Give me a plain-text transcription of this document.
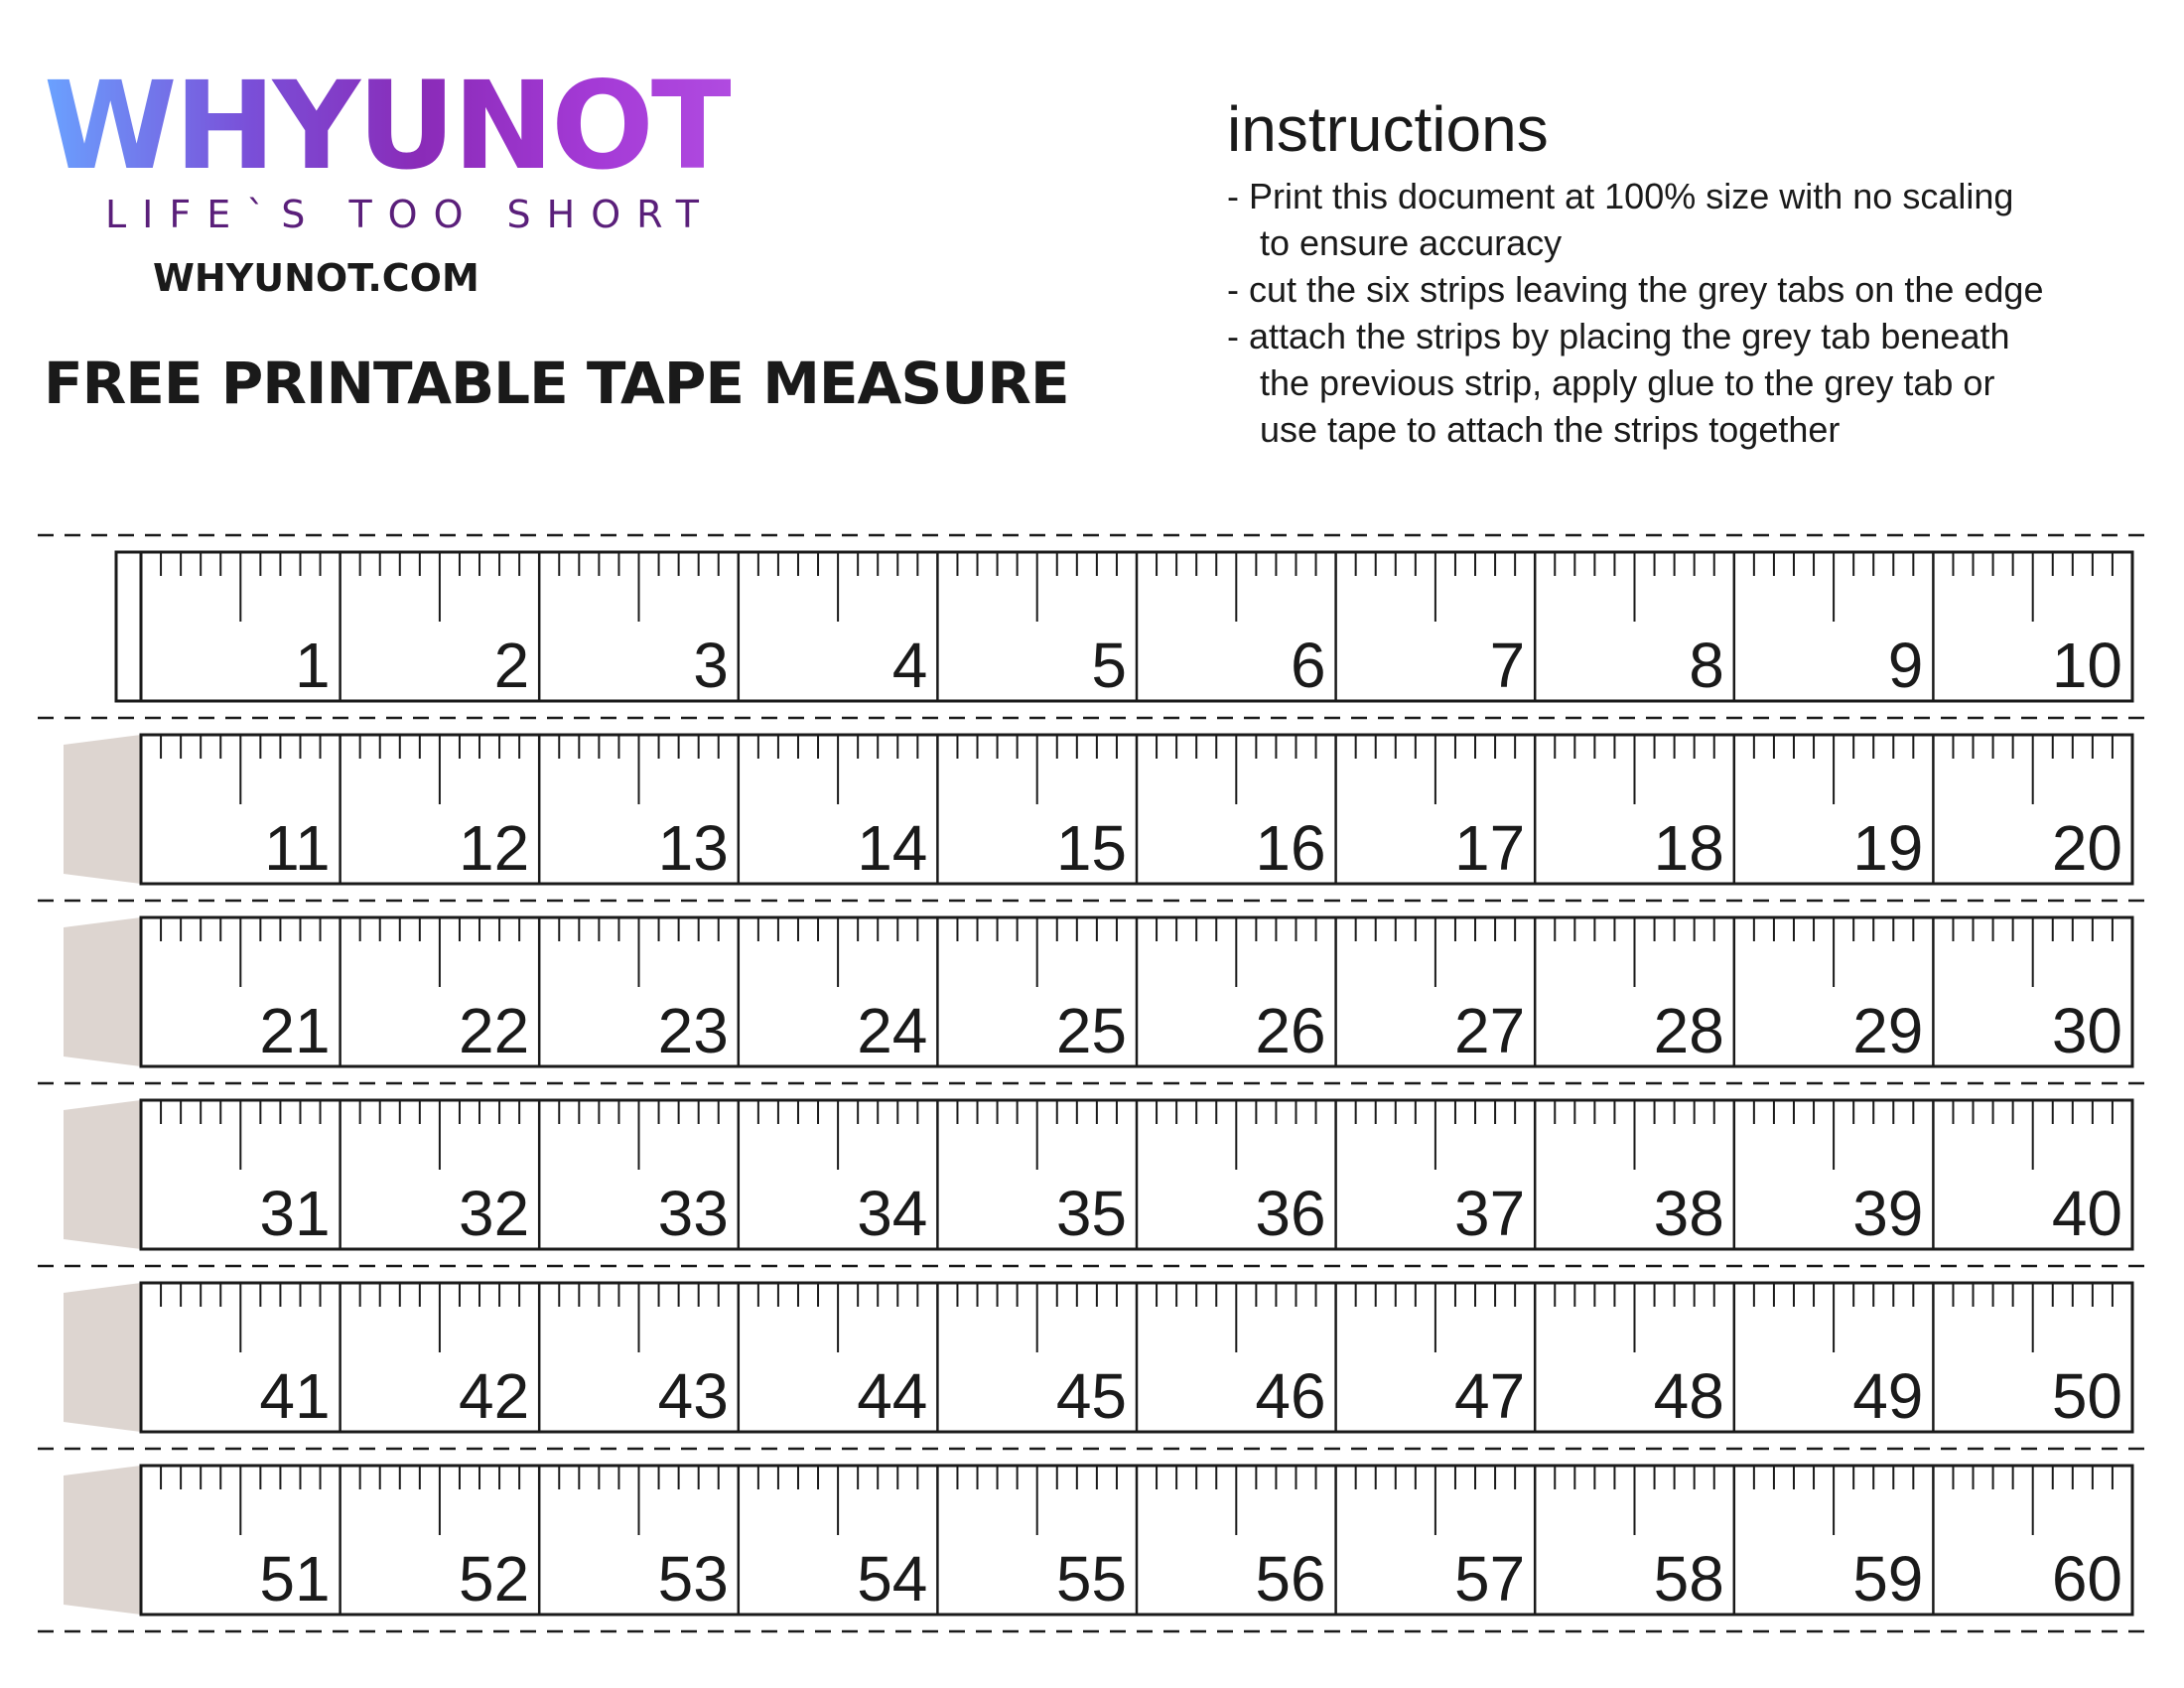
WHYUNOT
LIFE`S TOO SHORT
WHYUNOT.COM
FREE PRINTABLE TAPE MEASURE
instructions
- Print this document at 100% size with no scaling
to ensure accuracy
- cut the six strips leaving the grey tabs on the edge
- attach the strips by placing the grey tab beneath
the previous strip, apply glue to the grey tab or
use tape to attach the strips together
1	2	3	4	5	6	7	8	9 10
11 12 13 14 15 16 17 18 19 20
21 22 23 24 25 26 27 28 29 30
31 32 33 34 35 36 37 38 39 40
41 42 43 44 45 46 47 48 49 50
51 52 53 54 55 56 57 58 59 60
